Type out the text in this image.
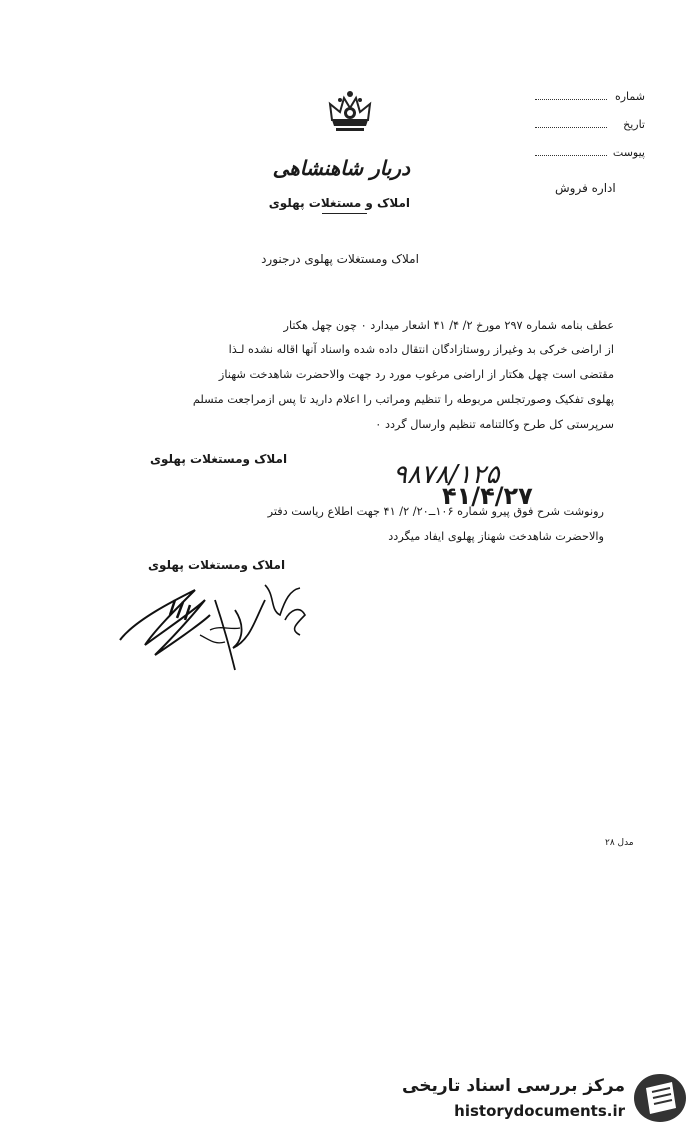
شماره
تاریخ
پیوست
دربار شاهنشاهی
املاک و مستغلات پهلوی
اداره فروش
املاک ومستغلات پهلوی درجنورد
عطف بنامه شماره ۲۹۷ مورخ ۲/ ۴/ ۴۱ اشعار میدارد ۰ چون چهل هکتار
از اراضی خرکی بد وغیراز روستازادگان انتقال داده شده واسناد آنها اقاله نشده لـذا
مقتضی است چهل هکتار از اراضی مرغوب مورد رد جهت والاحضرت شاهدخت شهناز
پهلوی تفکیک وصورتجلس مربوطه را تنظیم ومراتب را اعلام دارید تا پس ازمراجعت متسلم
سرپرستی کل طرح وکالتنامه تنظیم وارسال گردد ۰
املاک ومستغلات پهلوی
۹۸۷۸/۱۲۵
۴۱/۴/۲۷
رونوشت شرح فوق پیرو شماره ۱۰۶ــ۲۰/ ۲/ ۴۱ جهت اطلاع ریاست دفتر
والاحضرت شاهدخت شهناز پهلوی ایفاد میگردد
املاک ومستغلات پهلوی
مدل ۲۸
مرکز بررسی اسناد تاریخی
historydocuments.ir
